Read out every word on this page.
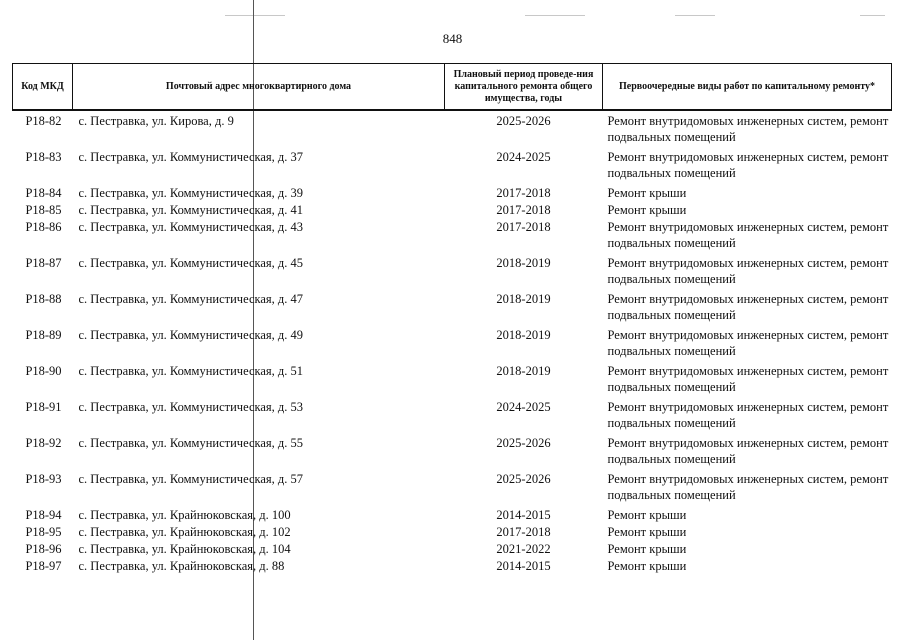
848
Код МКД	Почтовый адрес многоквартирного дома	Плановый период проведе-ния капитального ремонта общего имущества, годы	Первоочередные виды работ по капитальному ремонту*
Р18-82	с. Пестравка, ул. Кирова, д. 9	2025-2026	Ремонт внутридомовых инженерных систем, ремонт подвальных помещений
Р18-83	с. Пестравка, ул. Коммунистическая, д. 37	2024-2025	Ремонт внутридомовых инженерных систем, ремонт подвальных помещений
Р18-84	с. Пестравка, ул. Коммунистическая, д. 39	2017-2018	Ремонт крыши
Р18-85	с. Пестравка, ул. Коммунистическая, д. 41	2017-2018	Ремонт крыши
Р18-86	с. Пестравка, ул. Коммунистическая, д. 43	2017-2018	Ремонт внутридомовых инженерных систем, ремонт подвальных помещений
Р18-87	с. Пестравка, ул. Коммунистическая, д. 45	2018-2019	Ремонт внутридомовых инженерных систем, ремонт подвальных помещений
Р18-88	с. Пестравка, ул. Коммунистическая, д. 47	2018-2019	Ремонт внутридомовых инженерных систем, ремонт подвальных помещений
Р18-89	с. Пестравка, ул. Коммунистическая, д. 49	2018-2019	Ремонт внутридомовых инженерных систем, ремонт подвальных помещений
Р18-90	с. Пестравка, ул. Коммунистическая, д. 51	2018-2019	Ремонт внутридомовых инженерных систем, ремонт подвальных помещений
Р18-91	с. Пестравка, ул. Коммунистическая, д. 53	2024-2025	Ремонт внутридомовых инженерных систем, ремонт подвальных помещений
Р18-92	с. Пестравка, ул. Коммунистическая, д. 55	2025-2026	Ремонт внутридомовых инженерных систем, ремонт подвальных помещений
Р18-93	с. Пестравка, ул. Коммунистическая, д. 57	2025-2026	Ремонт внутридомовых инженерных систем, ремонт подвальных помещений
Р18-94	с. Пестравка, ул. Крайнюковская, д. 100	2014-2015	Ремонт крыши
Р18-95	с. Пестравка, ул. Крайнюковская, д. 102	2017-2018	Ремонт крыши
Р18-96	с. Пестравка, ул. Крайнюковская, д. 104	2021-2022	Ремонт крыши
Р18-97	с. Пестравка, ул. Крайнюковская, д. 88	2014-2015	Ремонт крыши
